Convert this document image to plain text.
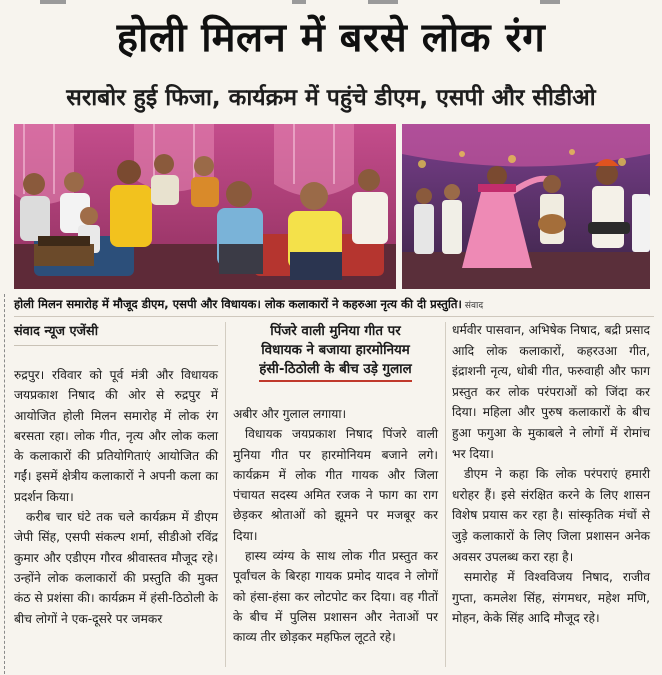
होली मिलन में बरसे लोक रंग
सराबोर हुई फिजा, कार्यक्रम में पहुंचे डीएम, एसपी और सीडीओ
होली मिलन समारोह में मौजूद डीएम, एसपी और विधायक। लोक कलाकारों ने कहरुआ नृत्य की दी प्रस्तुति। संवाद
संवाद न्यूज एजेंसी

रुद्रपुर। रविवार को पूर्व मंत्री और विधायक जयप्रकाश निषाद की ओर से रुद्रपुर में आयोजित होली मिलन समारोह में लोक रंग बरसता रहा। लोक गीत, नृत्य और लोक कला के कलाकारों की प्रतियोगिताएं आयोजित की गईं। इसमें क्षेत्रीय कलाकारों ने अपनी कला का प्रदर्शन किया।

करीब चार घंटे तक चले कार्यक्रम में डीएम जेपी सिंह, एसपी संकल्प शर्मा, सीडीओ रविंद्र कुमार और एडीएम गौरव श्रीवास्तव मौजूद रहे। उन्होंने लोक कलाकारों की प्रस्तुति की मुक्त कंठ से प्रशंसा की। कार्यक्रम में हंसी-ठिठोली के बीच लोगों ने एक-दूसरे पर जमकर

पिंजरे वाली मुनिया गीत पर
विधायक ने बजाया हारमोनियम
हंसी-ठिठोली के बीच उड़े गुलाल

अबीर और गुलाल लगाया।

विधायक जयप्रकाश निषाद पिंजरे वाली मुनिया गीत पर हारमोनियम बजाने लगे। कार्यक्रम में लोक गीत गायक और जिला पंचायत सदस्य अमित रजक ने फाग का राग छेड़कर श्रोताओं को झूमने पर मजबूर कर दिया।

हास्य व्यंग्य के साथ लोक गीत प्रस्तुत कर पूर्वांचल के बिरहा गायक प्रमोद यादव ने लोगों को हंसा-हंसा कर लोटपोट कर दिया। वह गीतों के बीच में पुलिस प्रशासन और नेताओं पर काव्य तीर छोड़कर महफिल लूटते रहे।

धर्मवीर पासवान, अभिषेक निषाद, बद्री प्रसाद आदि लोक कलाकारों, कहरउआ गीत, इंद्राशनी नृत्य, धोबी गीत, फरुवाही और फाग प्रस्तुत कर लोक परंपराओं को जिंदा कर दिया। महिला और पुरुष कलाकारों के बीच हुआ फगुआ के मुकाबले ने लोगों में रोमांच भर दिया।

डीएम ने कहा कि लोक परंपराएं हमारी धरोहर हैं। इसे संरक्षित करने के लिए शासन विशेष प्रयास कर रहा है। सांस्कृतिक मंचों से जुड़े कलाकारों के लिए जिला प्रशासन अनेक अवसर उपलब्ध करा रहा है।

समारोह में विश्वविजय निषाद, राजीव गुप्ता, कमलेश सिंह, संगमधर, महेश मणि, मोहन, केके सिंह आदि मौजूद रहे।
